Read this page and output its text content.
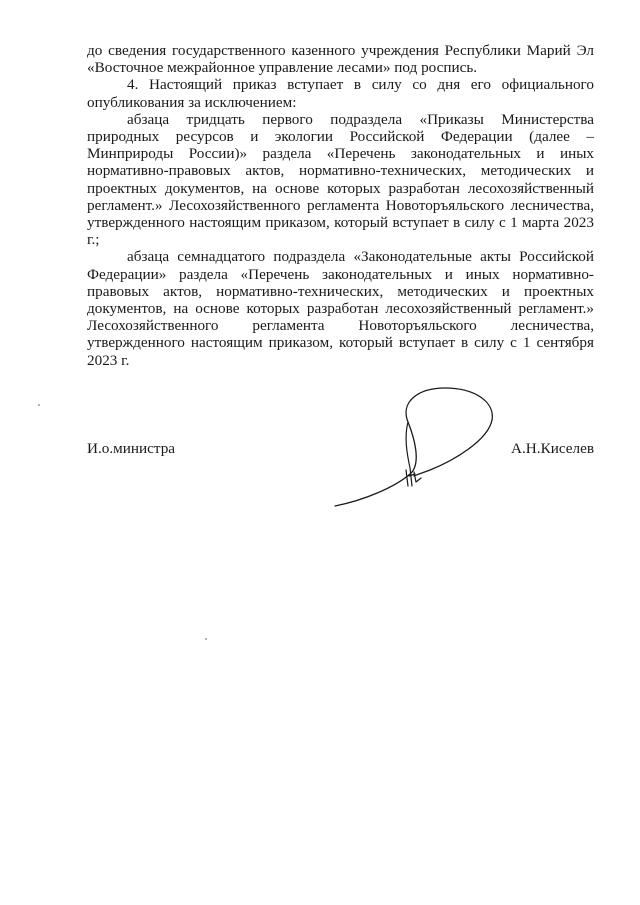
до сведения государственного казенного учреждения Республики Марий Эл «Восточное межрайонное управление лесами» под роспись.

4. Настоящий приказ вступает в силу со дня его официального опубликования за исключением:

абзаца тридцать первого подраздела «Приказы Министерства природных ресурсов и экологии Российской Федерации (далее – Минприроды России)» раздела «Перечень законодательных и иных нормативно-правовых актов, нормативно-технических, методических и проектных документов, на основе которых разработан лесохозяйственный регламент.» Лесохозяйственного регламента Новоторъяльского лесничества, утвержденного настоящим приказом, который вступает в силу с 1 марта 2023 г.;

абзаца семнадцатого подраздела «Законодательные акты Российской Федерации» раздела «Перечень законодательных и иных нормативно-правовых актов, нормативно-технических, методических и проектных документов, на основе которых разработан лесохозяйственный регламент.» Лесохозяйственного регламента Новоторъяльского лесничества, утвержденного настоящим приказом, который вступает в силу с 1 сентября 2023 г.

И.о.министра	А.Н.Киселев
